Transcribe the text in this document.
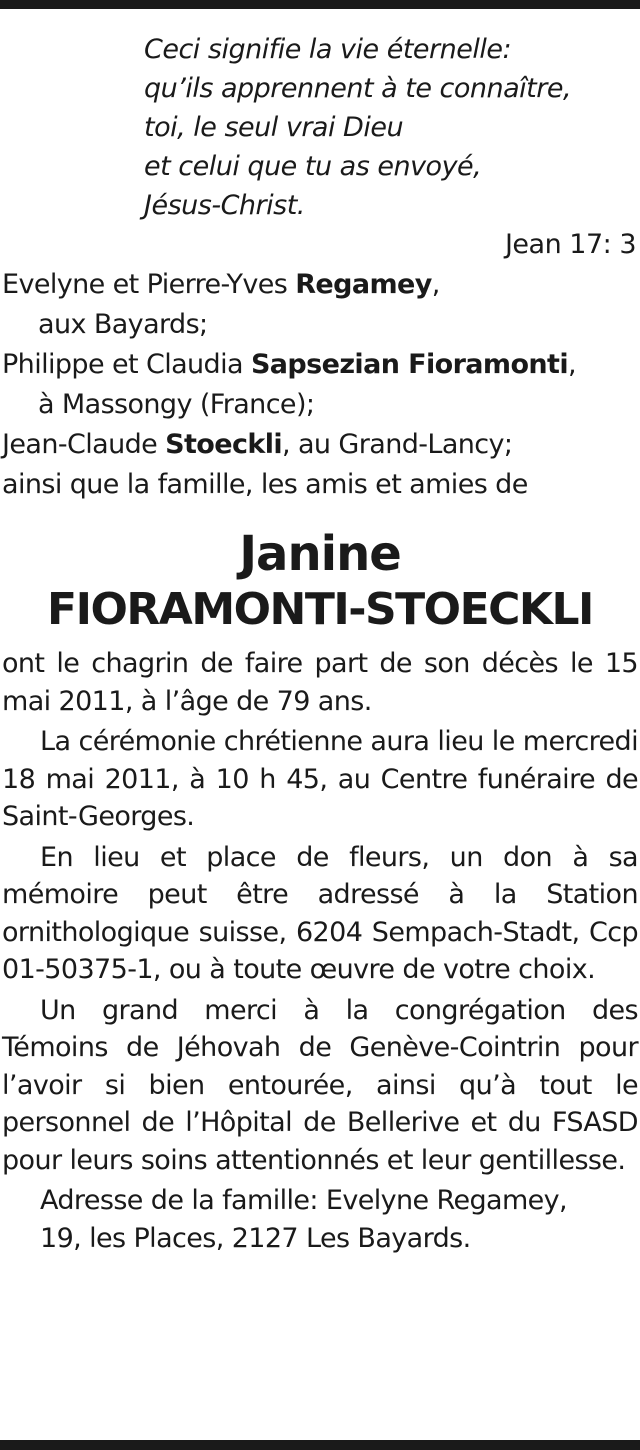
Ceci signifie la vie éternelle:
qu’ils apprennent à te connaître,
toi, le seul vrai Dieu
et celui que tu as envoyé,
Jésus-Christ.
Jean 17: 3
Evelyne et Pierre-Yves Regamey,
aux Bayards;
Philippe et Claudia Sapsezian Fioramonti,
à Massongy (France);
Jean-Claude Stoeckli, au Grand-Lancy;
ainsi que la famille, les amis et amies de
Janine
FIORAMONTI-STOECKLI

ont le chagrin de faire part de son décès le 15 mai 2011, à l’âge de 79 ans.

La cérémonie chrétienne aura lieu le mercredi 18 mai 2011, à 10 h 45, au Centre funéraire de Saint-Georges.

En lieu et place de fleurs, un don à sa mémoire peut être adressé à la Station ornithologique suisse, 6204 Sempach-Stadt, Ccp 01-50375-1, ou à toute œuvre de votre choix.

Un grand merci à la congrégation des Témoins de Jéhovah de Genève-Cointrin pour l’avoir si bien entourée, ainsi qu’à tout le personnel de l’Hôpital de Bellerive et du FSASD pour leurs soins attentionnés et leur gentillesse.

Adresse de la famille: Evelyne Regamey,
19, les Places, 2127 Les Bayards.
